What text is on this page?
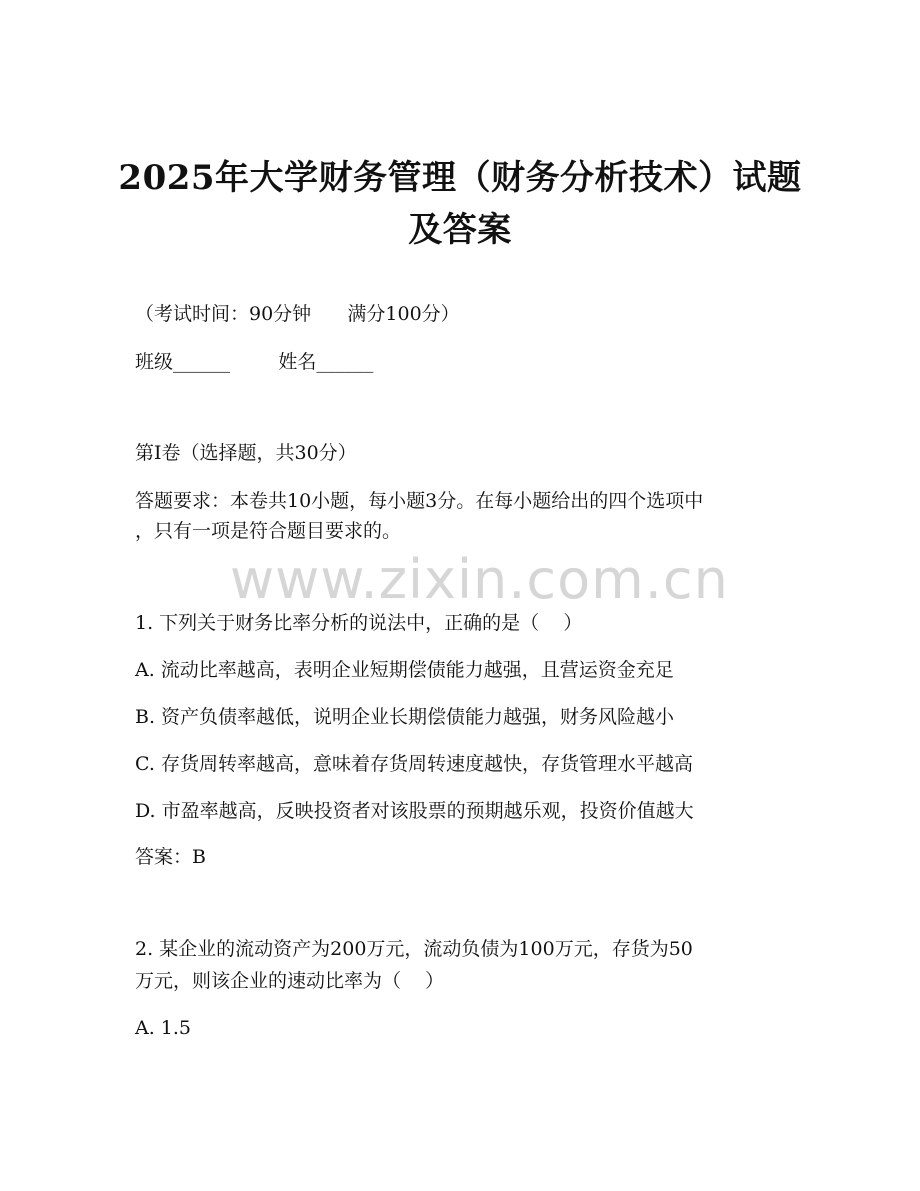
2025年大学财务管理（财务分析技术）试题
及答案
（考试时间：90分钟      满分100分）
班级______        姓名______
第I卷（选择题，共30分）
答题要求：本卷共10小题，每小题3分。在每小题给出的四个选项中
，只有一项是符合题目要求的。
www.zixin.com.cn
1. 下列关于财务比率分析的说法中，正确的是（    ）
A. 流动比率越高，表明企业短期偿债能力越强，且营运资金充足
B. 资产负债率越低，说明企业长期偿债能力越强，财务风险越小
C. 存货周转率越高，意味着存货周转速度越快，存货管理水平越高
D. 市盈率越高，反映投资者对该股票的预期越乐观，投资价值越大
答案：B
2. 某企业的流动资产为200万元，流动负债为100万元，存货为50
万元，则该企业的速动比率为（    ）
A. 1.5
